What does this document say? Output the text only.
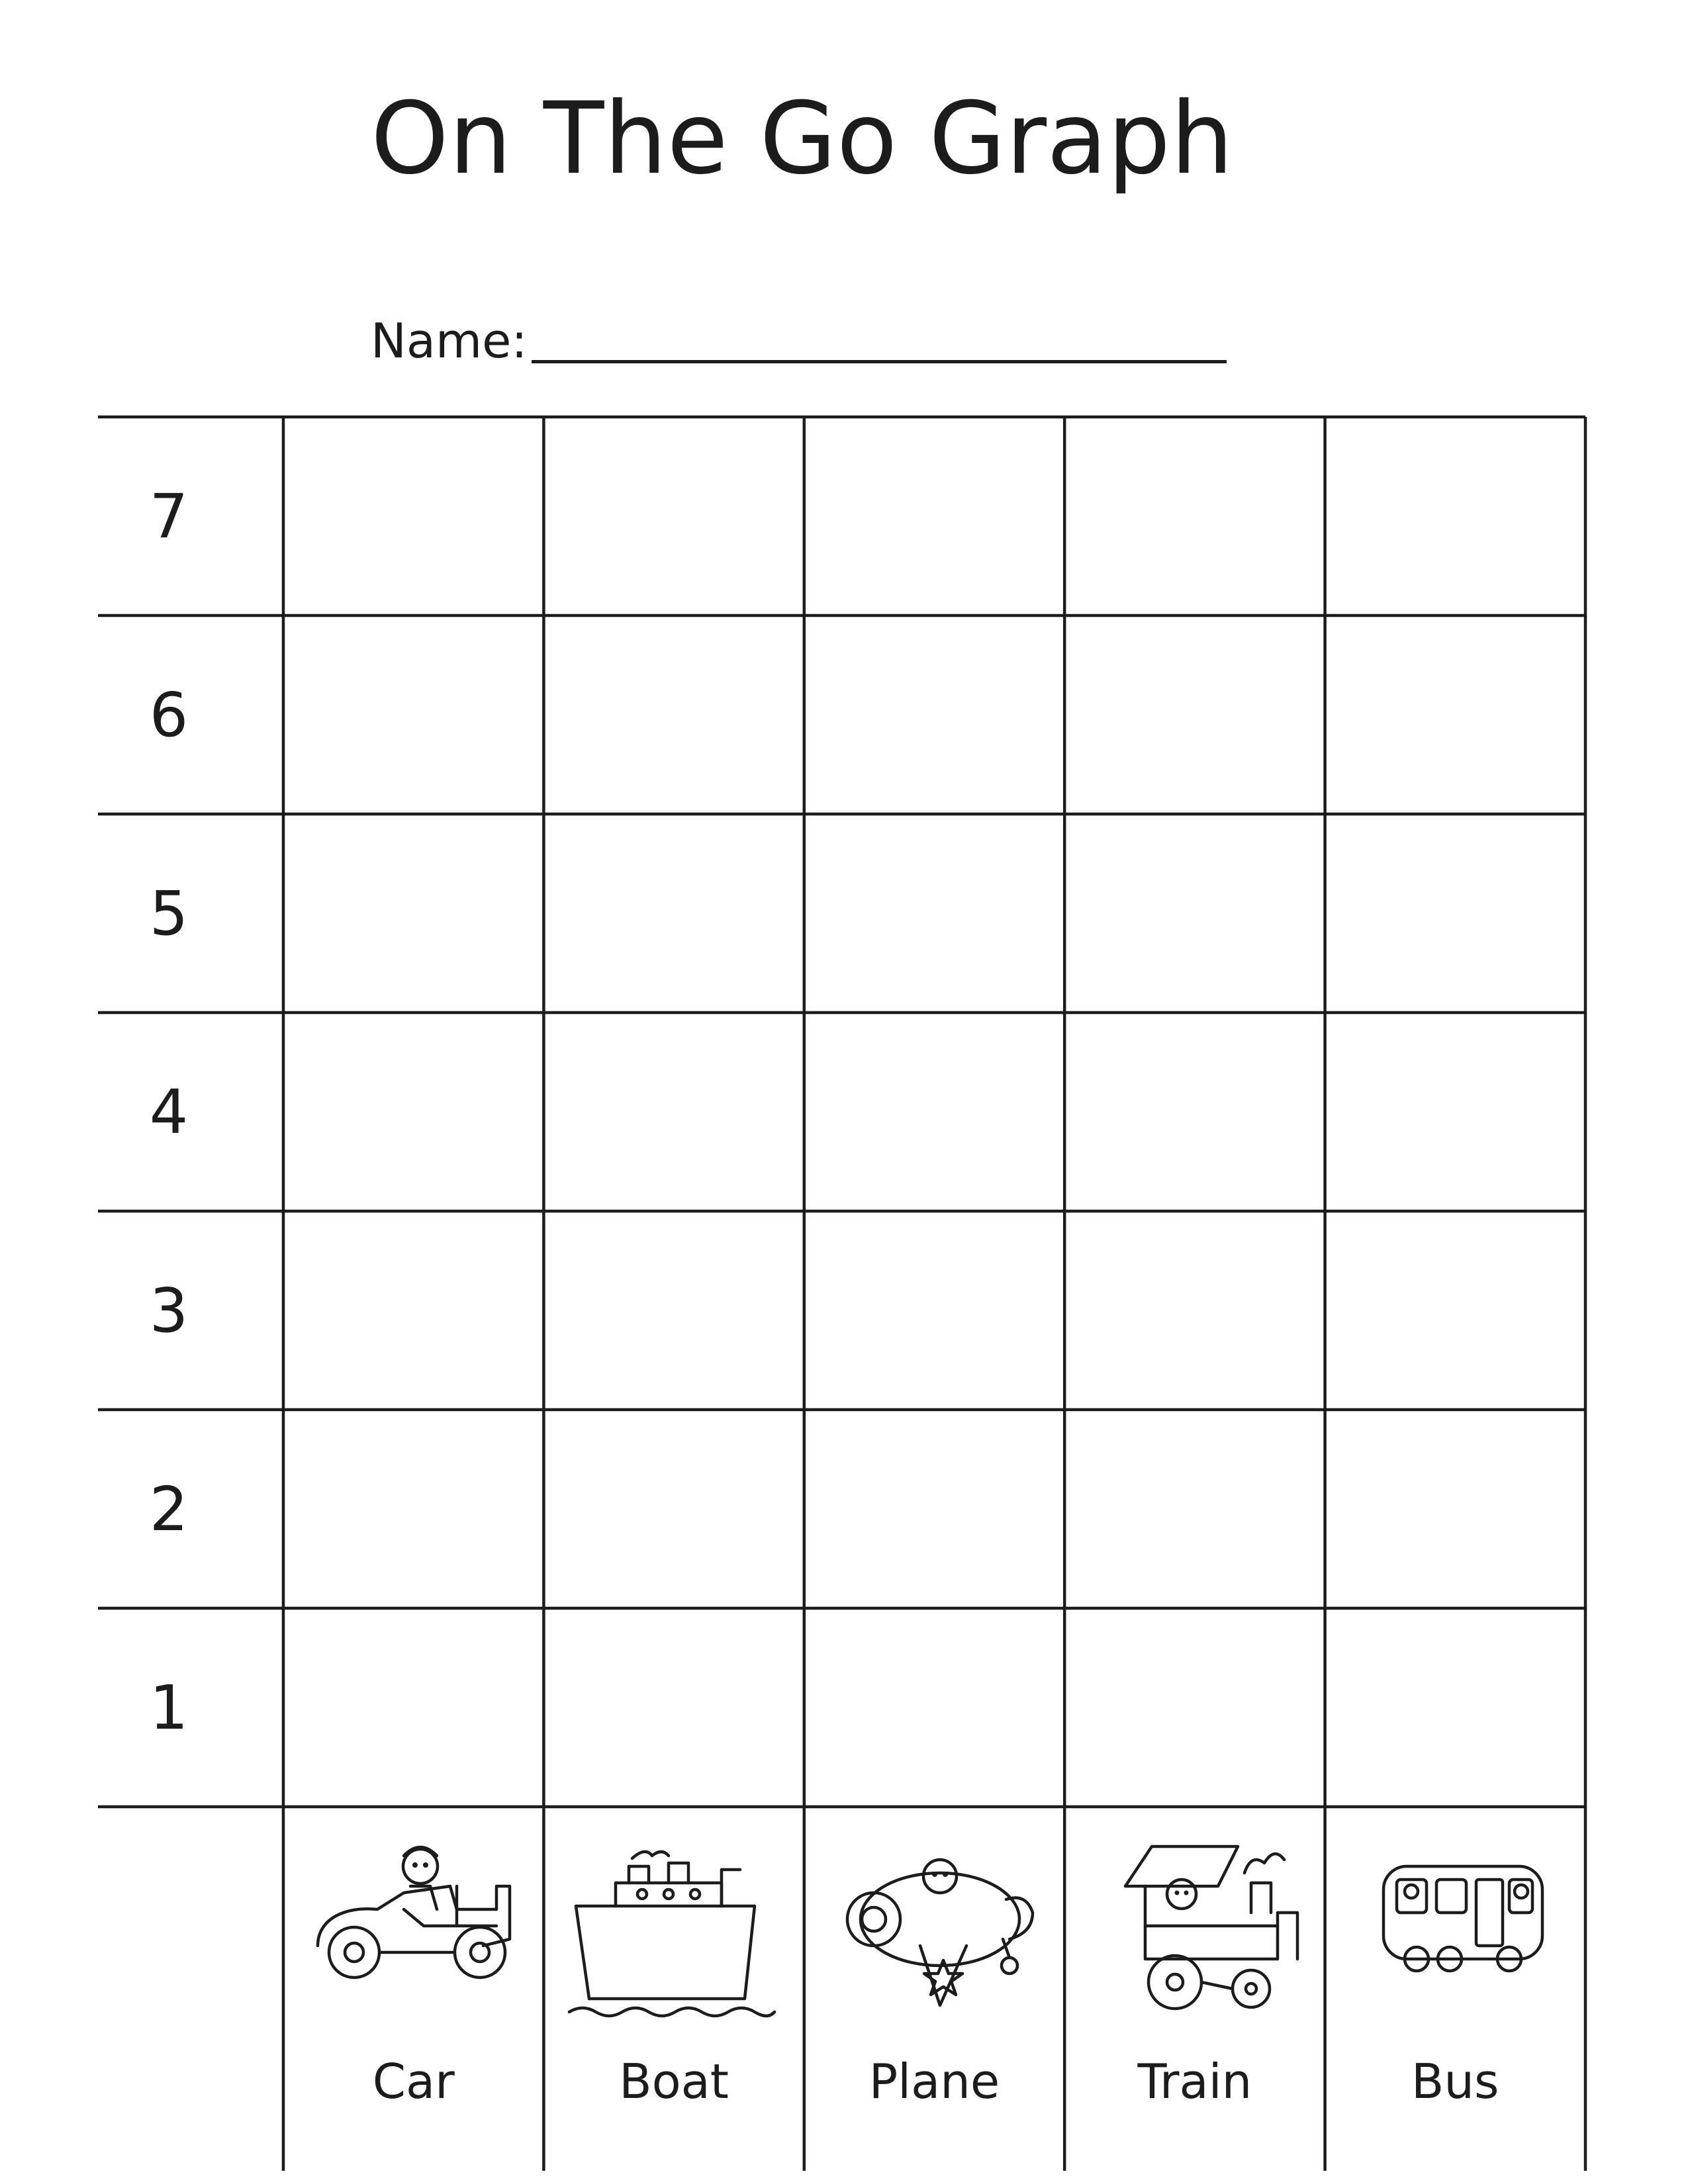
On The Go Graph
Name:
7
6
5
4
3
2
1
Car	Boat	Plane	Train	Bus
